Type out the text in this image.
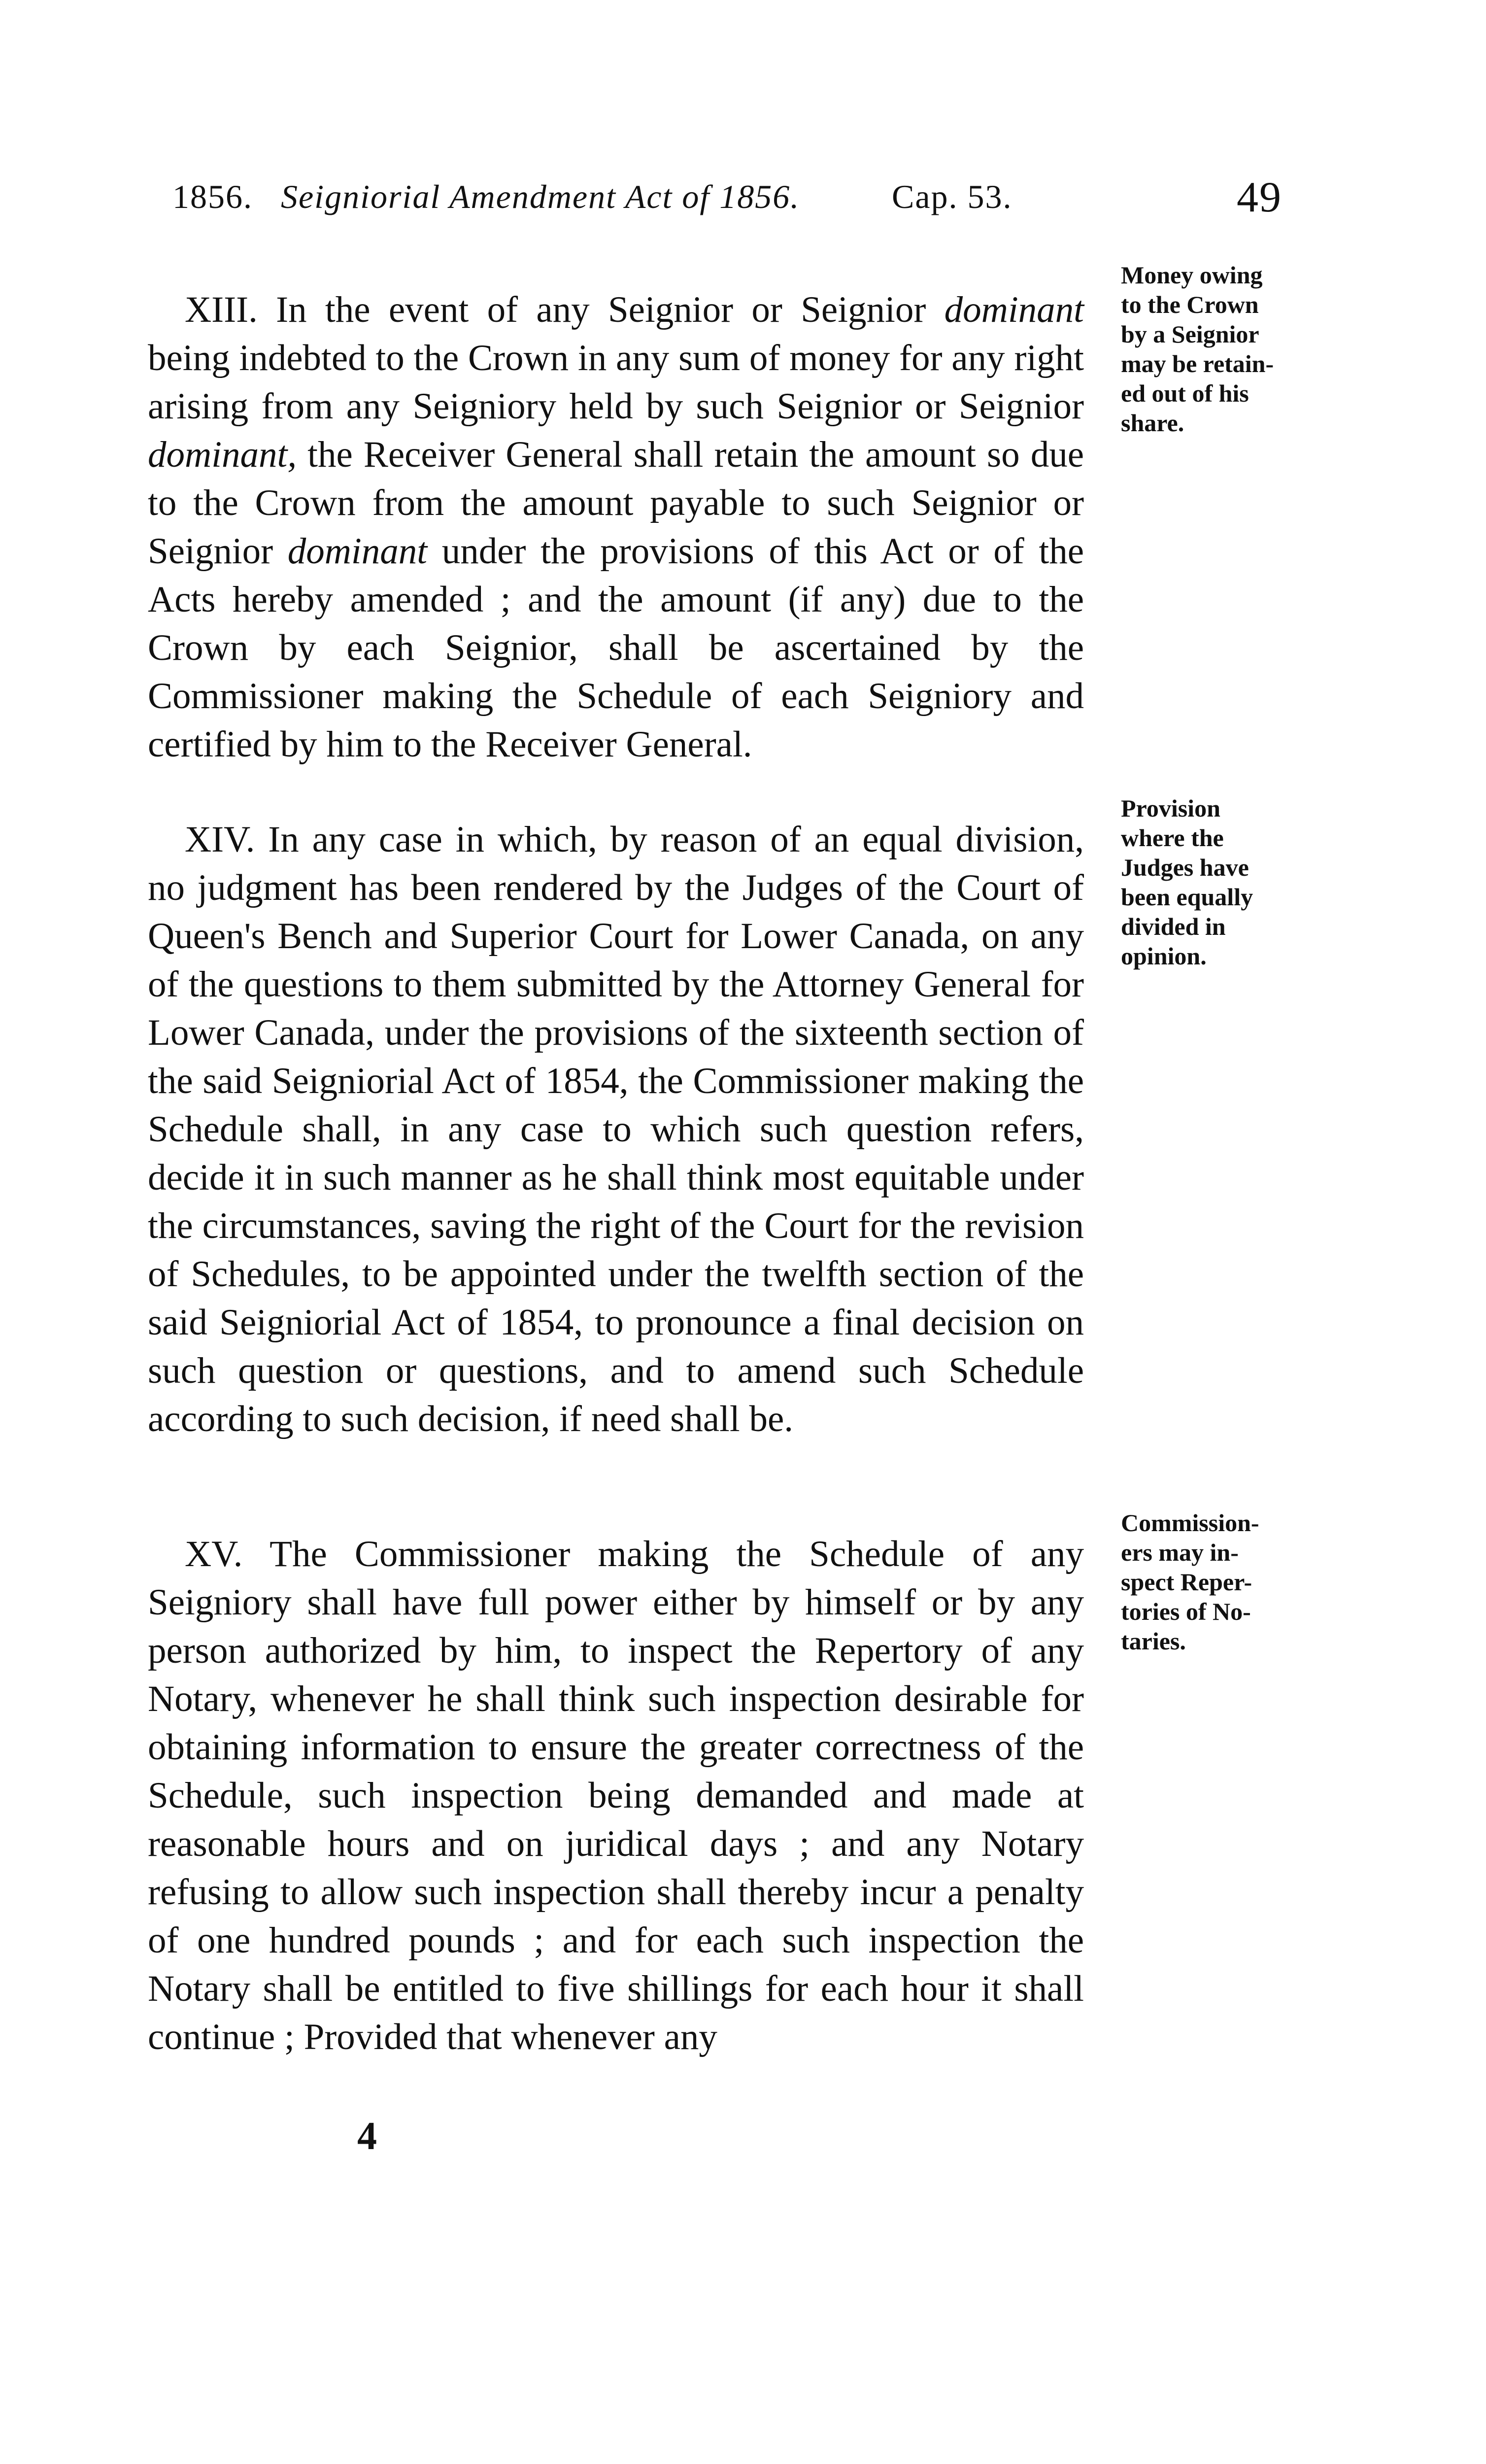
1856. Seigniorial Amendment Act of 1856.	Cap. 53.	49

XIII. In the event of any Seignior or Seignior dominant being indebted to the Crown in any sum of money for any right arising from any Seigniory held by such Seignior or Seignior dominant, the Receiver General shall retain the amount so due to the Crown from the amount payable to such Seignior or Seignior dominant under the provisions of this Act or of the Acts hereby amended ; and the amount (if any) due to the Crown by each Seignior, shall be ascertained by the Commissioner making the Schedule of each Seigniory and certified by him to the Receiver General.

Money owing
to the Crown
by a Seignior
may be retain-
ed out of his
share.

XIV. In any case in which, by reason of an equal division, no judgment has been rendered by the Judges of the Court of Queen's Bench and Superior Court for Lower Canada, on any of the questions to them submitted by the Attorney General for Lower Canada, under the provisions of the sixteenth section of the said Seigniorial Act of 1854, the Commissioner making the Schedule shall, in any case to which such question refers, decide it in such manner as he shall think most equitable under the circumstances, saving the right of the Court for the revision of Schedules, to be appointed under the twelfth section of the said Seigniorial Act of 1854, to pronounce a final decision on such question or questions, and to amend such Schedule according to such decision, if need shall be.

Provision
where the
Judges have
been equally
divided in
opinion.

XV. The Commissioner making the Schedule of any Seigniory shall have full power either by himself or by any person authorized by him, to inspect the Repertory of any Notary, whenever he shall think such inspection desirable for obtaining information to ensure the greater correctness of the Schedule, such inspection being demanded and made at reasonable hours and on juridical days ; and any Notary refusing to allow such inspection shall thereby incur a penalty of one hundred pounds ; and for each such inspection the Notary shall be entitled to five shillings for each hour it shall continue ; Provided that whenever any

Commission-
ers may in-
spect Reper-
tories of No-
taries.
4
